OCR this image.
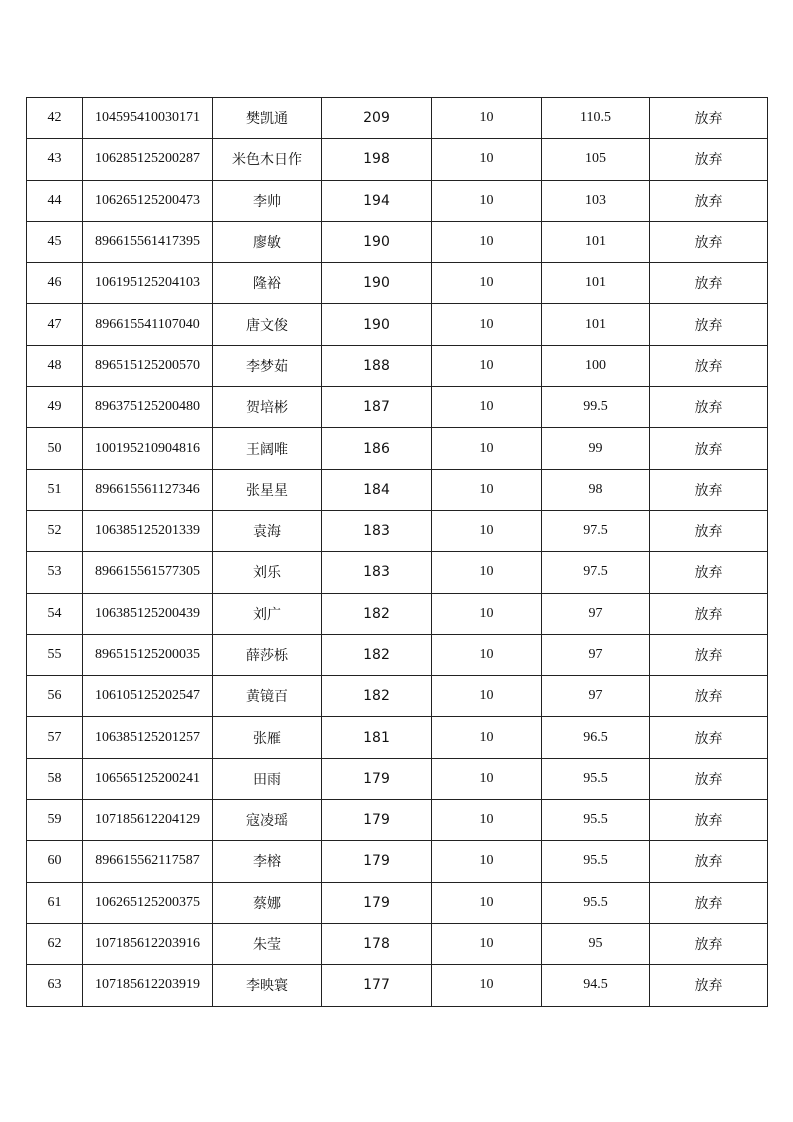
42	104595410030171	樊凯通	209	10	110.5	放弃
43	106285125200287	米色木日作	198	10	105	放弃
44	106265125200473	李帅	194	10	103	放弃
45	896615561417395	廖敏	190	10	101	放弃
46	106195125204103	隆裕	190	10	101	放弃
47	896615541107040	唐文俊	190	10	101	放弃
48	896515125200570	李梦茹	188	10	100	放弃
49	896375125200480	贺培彬	187	10	99.5	放弃
50	100195210904816	王阔唯	186	10	99	放弃
51	896615561127346	张星星	184	10	98	放弃
52	106385125201339	袁海	183	10	97.5	放弃
53	896615561577305	刘乐	183	10	97.5	放弃
54	106385125200439	刘广	182	10	97	放弃
55	896515125200035	薛莎栎	182	10	97	放弃
56	106105125202547	黄镜百	182	10	97	放弃
57	106385125201257	张雁	181	10	96.5	放弃
58	106565125200241	田雨	179	10	95.5	放弃
59	107185612204129	寇凌瑶	179	10	95.5	放弃
60	896615562117587	李榕	179	10	95.5	放弃
61	106265125200375	蔡娜	179	10	95.5	放弃
62	107185612203916	朱莹	178	10	95	放弃
63	107185612203919	李映寰	177	10	94.5	放弃
